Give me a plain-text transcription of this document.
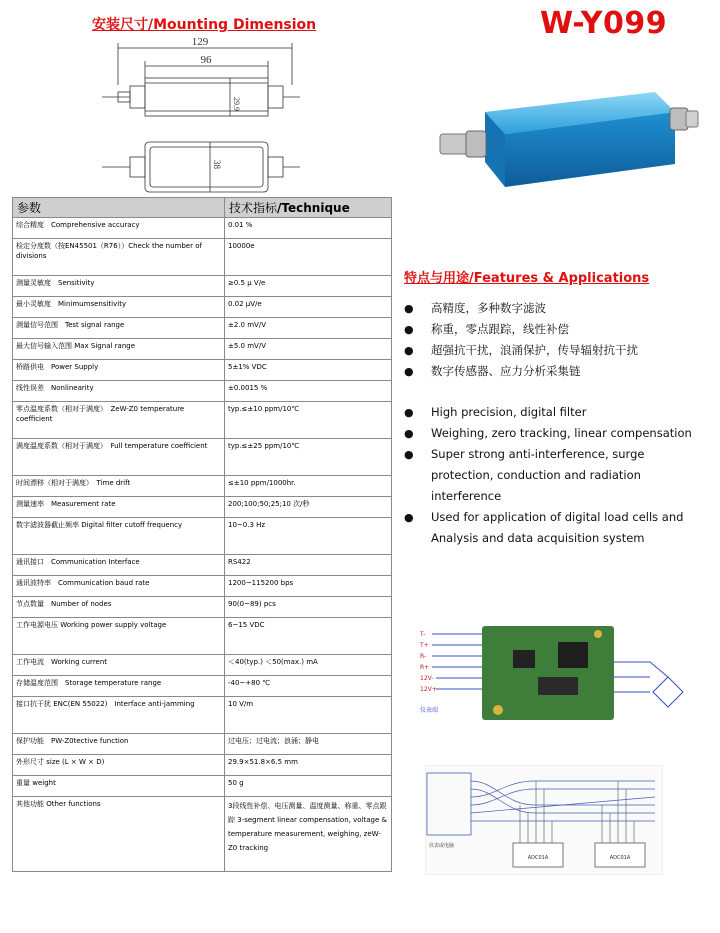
安装尺寸/Mounting Dimension	W-Y099
129
96
29.9
38
参数	技术指标/Technique
综合精度　Comprehensive accuracy	0.01 %
检定分度数（按EN45501（R76））Check the number of divisions	10000e
测量灵敏度　Sensitivity	≥0.5 μ V/e
最小灵敏度　Minimumsensitivity	0.02 μV/e
测量信号范围　Test signal range	±2.0 mV/V
最大信号输入范围 Max Signal range	±5.0 mV/V
桥路供电　Power Supply	5±1% VDC
线性误差　Nonlinearity	±0.0015 %
零点温度系数（相对于满度）　ZeW-Z0 temperature coefficient	typ.≤±10 ppm/10℃
满度温度系数（相对于满度）　Full temperature coefficient	typ.≤±25 ppm/10℃
时间漂移（相对于满度）　Time drift	≤±10 ppm/1000hr.
测量速率　Measurement rate	200;100;50;25;10 次/秒
数字滤波器截止频率 Digital filter cutoff frequency	10~0.3 Hz
通讯接口　Communication Interface	RS422
通讯波特率　Communication baud rate	1200~115200 bps
节点数量　Number of nodes	90(0~89) pcs
工作电源电压 Working power supply voltage	6~15 VDC
工作电流　Working current	＜40(typ.) ＜50(max.) mA
存储温度范围　Storage temperature range	-40~+80 ℃
接口抗干扰 ENC(EN 55022)　Interface anti-jamming	10 V/m
保护功能　PW-Z0tective function	过电压；过电流；浪涌；静电
外形尺寸 size (L × W × D)	29.9×51.8×6.5 mm
重量 weight	50 g
其他功能 Other functions	3段线性补偿、电压测量、温度测量、称重、零点跟踪 3-segment linear compensation, voltage & temperature measurement, weighing, zeW-Z0 tracking
特点与用途/Features & Applications
● 高精度，多种数字滤波
● 称重，零点跟踪，线性补偿
● 超强抗干扰，浪涌保护，传导辐射抗干扰
● 数字传感器、应力分析采集链
● High precision, digital filter
● Weighing, zero tracking, linear compensation
● Super strong anti-interference, surge protection, conduction and radiation interference
● Used for application of digital load cells and Analysis and data acquisition system
T-
T+
R-
R+
12V-
12V+
仪表端
仪表或电脑
ADC01A	ADC01A
